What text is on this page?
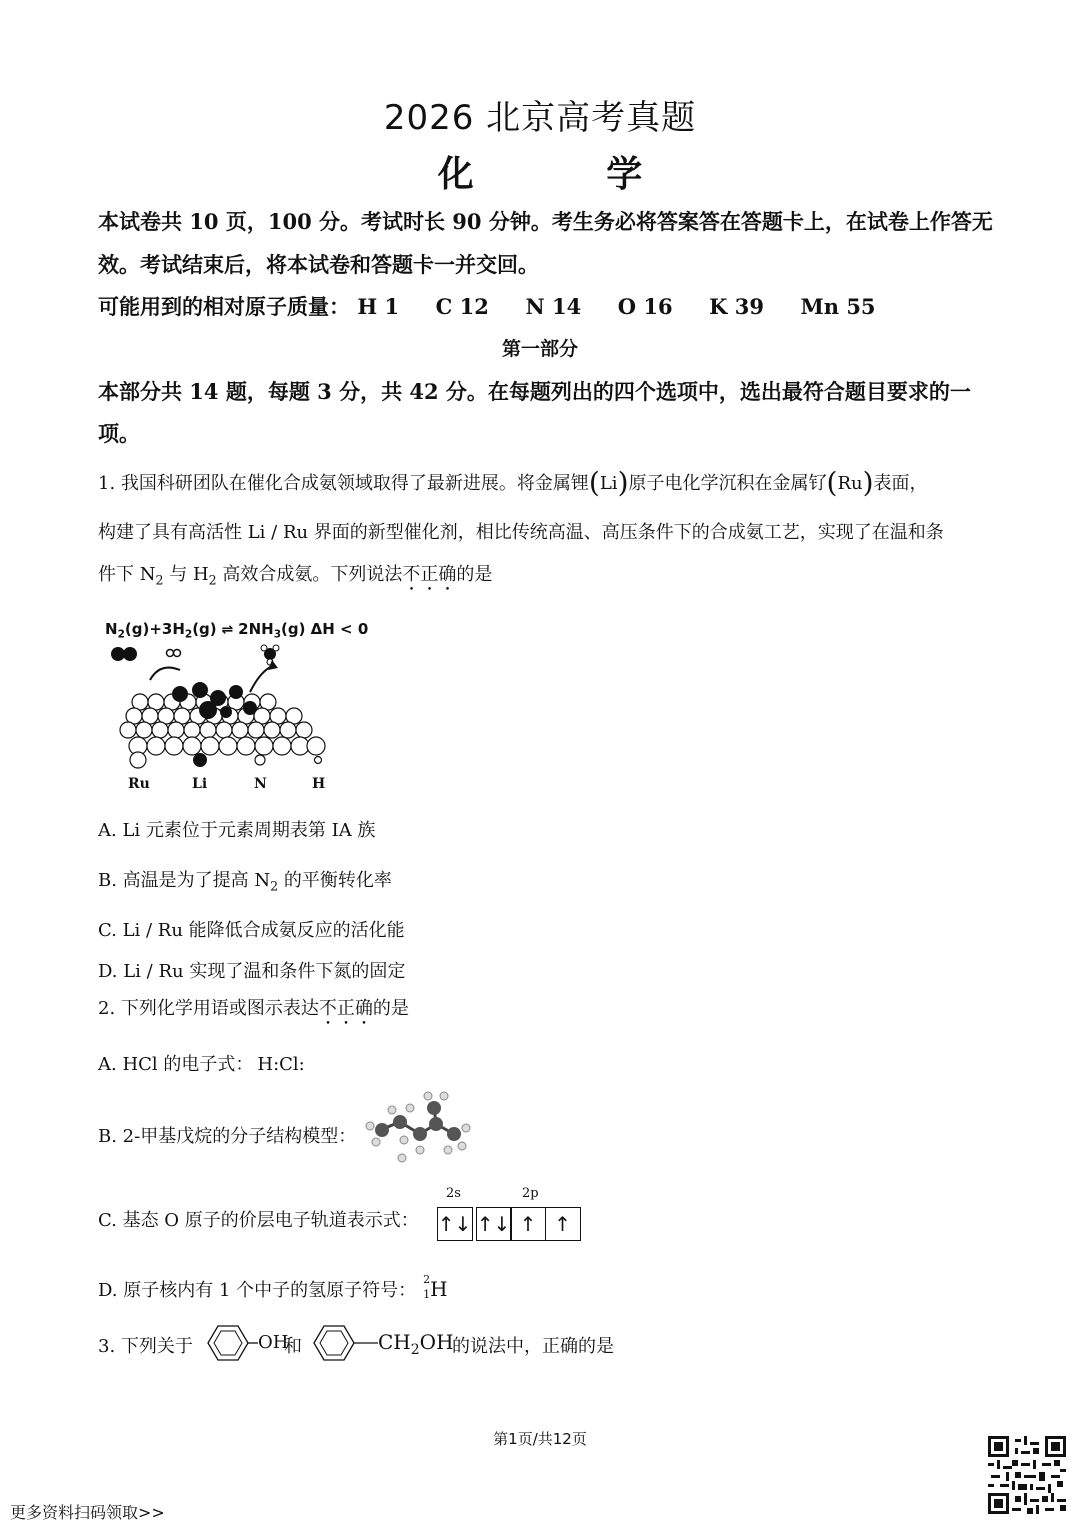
2026 北京高考真题
化 学
本试卷共 10 页，100 分。考试时长 90 分钟。考生务必将答案答在答题卡上，在试卷上作答无
效。考试结束后，将本试卷和答题卡一并交回。
可能用到的相对原子质量： H 1 C 12 N 14 O 16 K 39 Mn 55
第一部分
本部分共 14 题，每题 3 分，共 42 分。在每题列出的四个选项中，选出最符合题目要求的一
项。
1. 我国科研团队在催化合成氨领域取得了最新进展。将金属锂(Li)原子电化学沉积在金属钌(Ru)表面，
构建了具有高活性 Li / Ru 界面的新型催化剂，相比传统高温、高压条件下的合成氨工艺，实现了在温和条
件下 $N_2$ 与 $H_2$ 高效合成氨。下列说法不正确的是
$N_2(g)+3H_2(g)$ ⇌ $2NH_3(g) \Delta H < 0$
Ru	Li	N	H
A. Li 元素位于元素周期表第 IA 族
B. 高温是为了提高 $N_2$ 的平衡转化率
C. Li / Ru 能降低合成氨反应的活化能
D. Li / Ru 实现了温和条件下氮的固定
2. 下列化学用语或图示表达不正确的是
A. HCl 的电子式： H:Cl:
B. 2-甲基戊烷的分子结构模型：
C. 基态 O 原子的价层电子轨道表示式：
2s	2p
↑↓ ↑↓ ↑ ↑
D. 原子核内有 1 个中子的氢原子符号：
2
1 H
3. 下列关于	OH
和	$CH_2OH$
的说法中，正确的是
第1页/共12页
更多资料扫码领取>>
